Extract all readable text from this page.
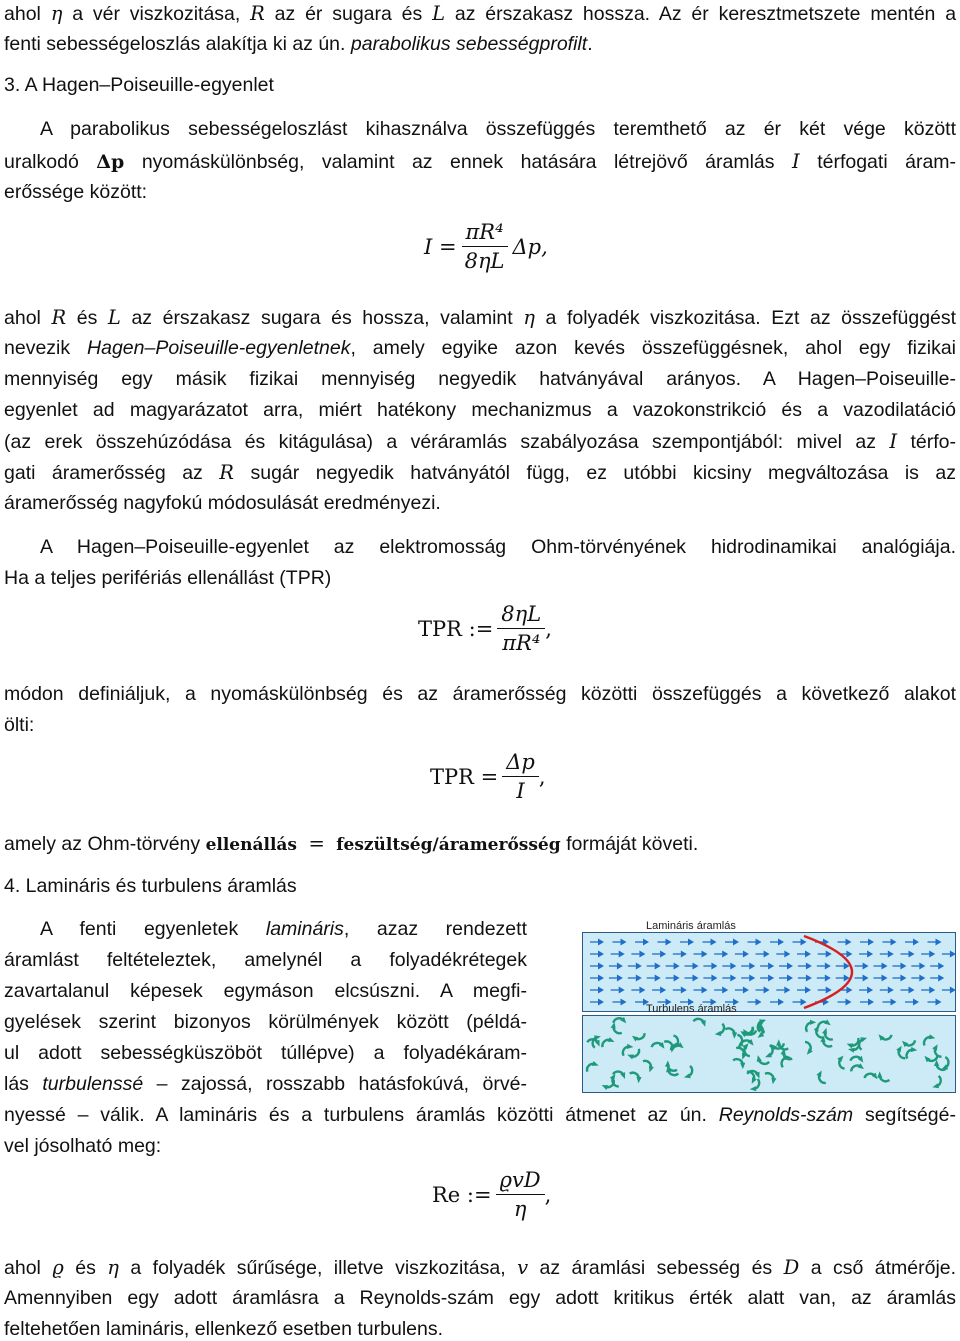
ahol η a vér viszkozitása, R az ér sugara és L az érszakasz hossza. Az ér keresztmetszete mentén a
fenti sebességeloszlás alakítja ki az ún. parabolikus sebességprofilt.
3. A Hagen–Poiseuille-egyenlet
A parabolikus sebességeloszlást kihasználva összefüggés teremthető az ér két vége között
uralkodó Δp nyomáskülönbség, valamint az ennek hatására létrejövő áramlás I térfogati áram-
erőssége között:
$I = \frac{\text{πR⁴}}{8\eta L} \Delta p$,
ahol R és L az érszakasz sugara és hossza, valamint η a folyadék viszkozitása. Ezt az összefüggést
nevezik Hagen–Poiseuille-egyenletnek, amely egyike azon kevés összefüggésnek, ahol egy fizikai
mennyiség egy másik fizikai mennyiség negyedik hatványával arányos. A Hagen–Poiseuille-
egyenlet ad magyarázatot arra, miért hatékony mechanizmus a vazokonstrikció és a vazodilatáció
(az erek összehúzódása és kitágulása) a véráramlás szabályozása szempontjából: mivel az I térfo-
gati áramerősség az R sugár negyedik hatványától függ, ez utóbbi kicsiny megváltozása is az
áramerősség nagyfokú módosulását eredményezi.
A Hagen–Poiseuille-egyenlet az elektromosság Ohm-törvényének hidrodinamikai analógiája.
Ha a teljes perifériás ellenállást (TPR)
TPR := $\frac{8\eta L}{\text{πR⁴}}$ ,
módon definiáljuk, a nyomáskülönbség és az áramerősség közötti összefüggés a következő alakot
ölti:
TPR = $\frac{\Delta p}{I}$ ,
amely az Ohm-törvény ellenállás = feszültség/áramerősség formáját követi.
4. Lamináris és turbulens áramlás
A fenti egyenletek lamináris, azaz rendezett
áramlást feltételeztek, amelynél a folyadékrétegek
zavartalanul képesek egymáson elcsúszni. A megfi-
gyelések szerint bizonyos körülmények között (példá-
ul adott sebességküszöböt túllépve) a folyadékáram-
lás turbulenssé – zajossá, rosszabb hatásfokúvá, örvé-
nyessé – válik. A lamináris és a turbulens áramlás közötti átmenet az ún. Reynolds-szám segítségé-
vel jósolható meg:
Lamináris áramlás
Turbulens áramlás
Re := $\frac{\text{ϱvD}}{\eta}$ ,
ahol ϱ és η a folyadék sűrűsége, illetve viszkozitása, v az áramlási sebesség és D a cső átmérője.
Amennyiben egy adott áramlásra a Reynolds-szám egy adott kritikus érték alatt van, az áramlás
feltehetően lamináris, ellenkező esetben turbulens.
